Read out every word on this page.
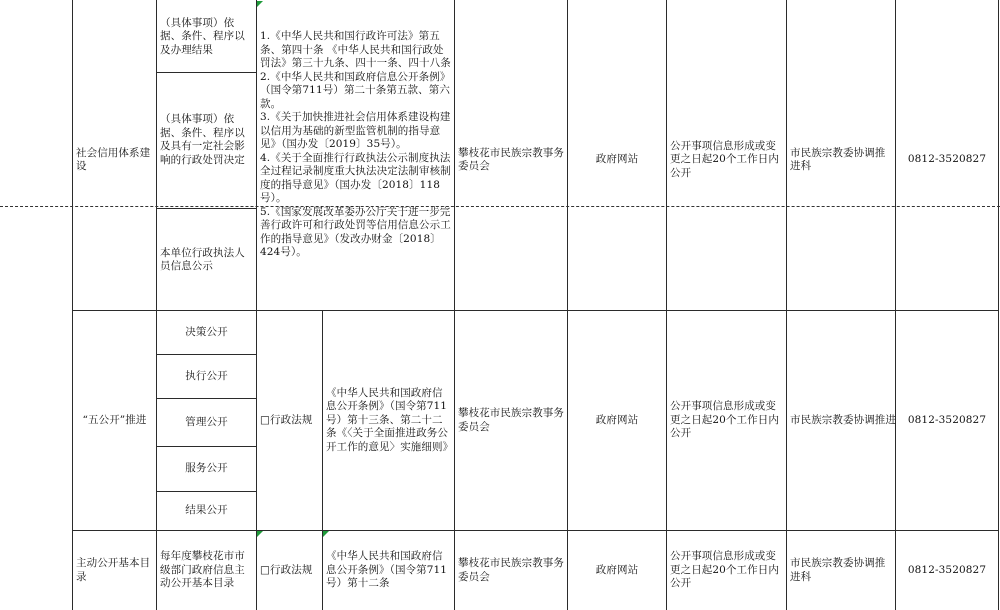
社会信用体系建设
（具体事项）依据、条件、程序以及办理结果
（具体事项）依据、条件、程序以及具有一定社会影响的行政处罚决定
本单位行政执法人员信息公示
1.《中华人民共和国行政许可法》第五条、第四十条 《中华人民共和国行政处罚法》第三十九条、四十一条、四十八条
2.《中华人民共和国政府信息公开条例》（国令第711号）第二十条第五款、第六款。
3.《关于加快推进社会信用体系建设构建以信用为基础的新型监管机制的指导意见》（国办发〔2019〕35号）。
4.《关于全面推行行政执法公示制度执法全过程记录制度重大执法决定法制审核制度的指导意见》（国办发〔2018〕118号）。
5.《国家发展改革委办公厅关于进一步完善行政许可和行政处罚等信用信息公示工作的指导意见》（发改办财金〔2018〕424号）。
攀枝花市民族宗教事务委员会
政府网站
公开事项信息形成或变更之日起20个工作日内公开
市民族宗教委协调推进科
0812-3520827
“五公开”推进
决策公开
执行公开
管理公开
服务公开
结果公开
□行政法规
《中华人民共和国政府信息公开条例》（国令第711号）第十三条、第二十二条《〈关于全面推进政务公开工作的意见〉实施细则》
攀枝花市民族宗教事务委员会
政府网站
公开事项信息形成或变更之日起20个工作日内公开
市民族宗教委协调推进 0812-3520827
主动公开基本目录
每年度攀枝花市市级部门政府信息主动公开基本目录
□行政法规
《中华人民共和国政府信息公开条例》（国令第711号）第十二条
攀枝花市民族宗教事务委员会
政府网站
公开事项信息形成或变更之日起20个工作日内公开
市民族宗教委协调推进科
0812-3520827
